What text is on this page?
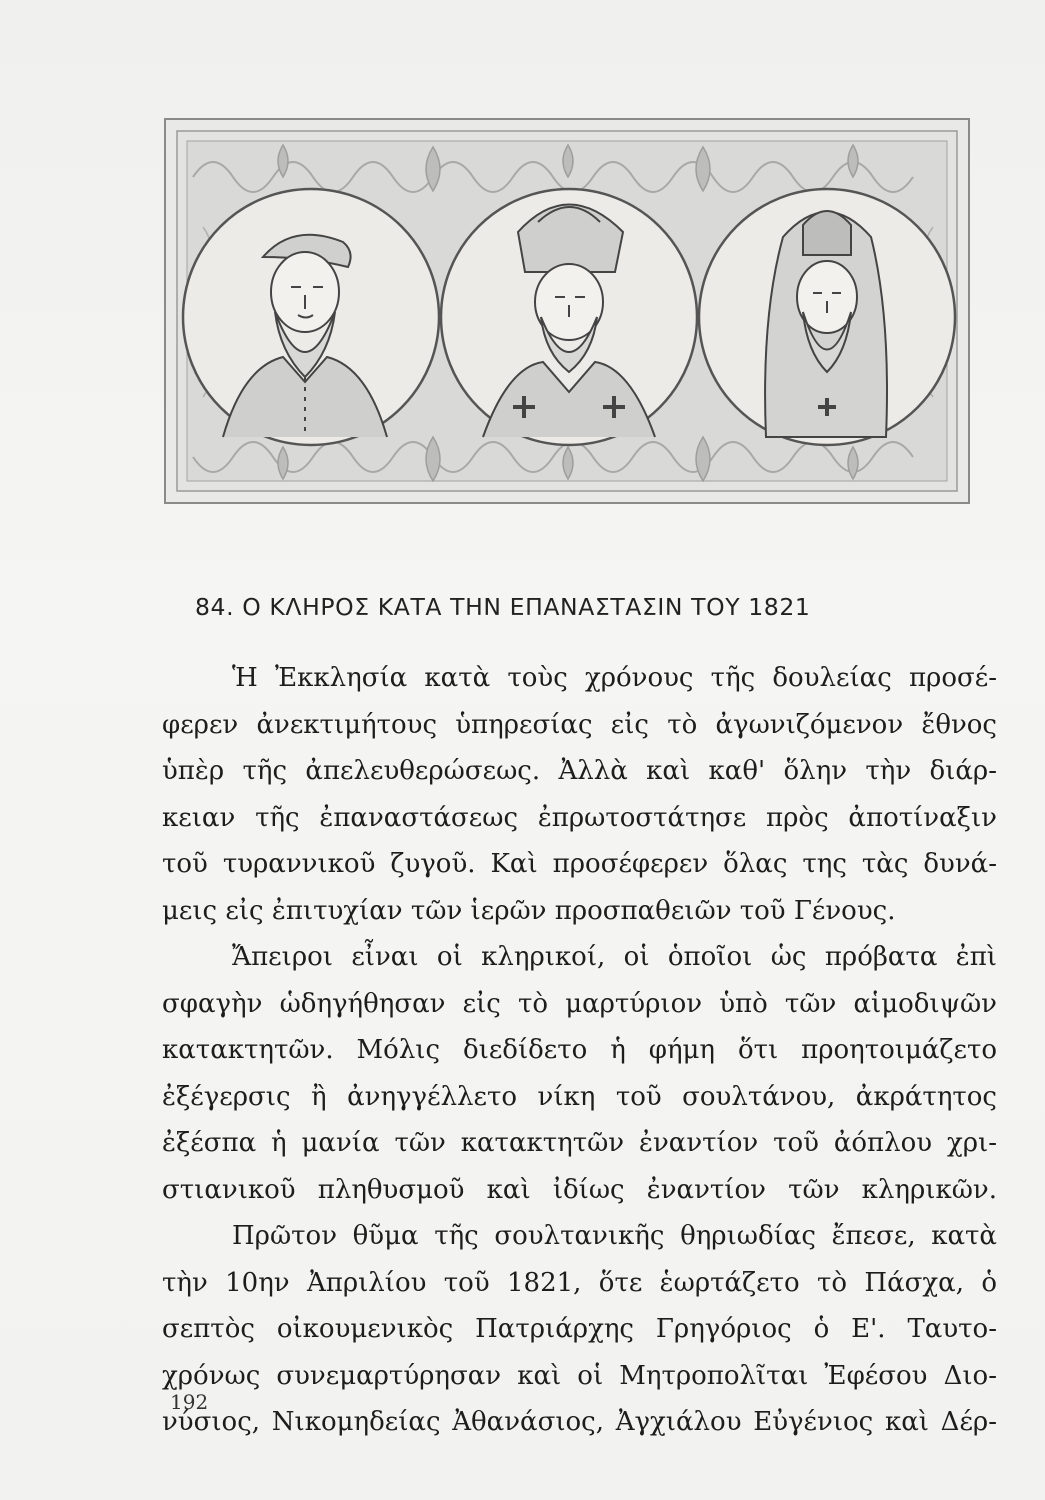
84. Ο ΚΛΗΡΟΣ ΚΑΤΑ ΤΗΝ ΕΠΑΝΑΣΤΑΣΙΝ ΤΟΥ 1821
Ἡ Ἐκκλησία κατὰ τοὺς χρόνους τῆς δουλείας προσέ-
φερεν ἀνεκτιμήτους ὑπηρεσίας εἰς τὸ ἀγωνιζόμενον ἔθνος
ὑπὲρ τῆς ἀπελευθερώσεως. Ἀλλὰ καὶ καθ' ὅλην τὴν διάρ-
κειαν τῆς ἐπαναστάσεως ἐπρωτοστάτησε πρὸς ἀποτίναξιν
τοῦ τυραννικοῦ ζυγοῦ. Καὶ προσέφερεν ὅλας της τὰς δυνά-
μεις εἰς ἐπιτυχίαν τῶν ἱερῶν προσπαθειῶν τοῦ Γένους.
Ἄπειροι εἶναι οἱ κληρικοί, οἱ ὁποῖοι ὡς πρόβατα ἐπὶ
σφαγὴν ὡδηγήθησαν εἰς τὸ μαρτύριον ὑπὸ τῶν αἱμοδιψῶν
κατακτητῶν. Μόλις διεδίδετο ἡ φήμη ὅτι προητοιμάζετο
ἐξέγερσις ἢ ἀνηγγέλλετο νίκη τοῦ σουλτάνου, ἀκράτητος
ἐξέσπα ἡ μανία τῶν κατακτητῶν ἐναντίον τοῦ ἀόπλου χρι-
στιανικοῦ πληθυσμοῦ καὶ ἰδίως ἐναντίον τῶν κληρικῶν.
Πρῶτον θῦμα τῆς σουλτανικῆς θηριωδίας ἔπεσε, κατὰ
τὴν 10ην Ἀπριλίου τοῦ 1821, ὅτε ἑωρτάζετο τὸ Πάσχα, ὁ
σεπτὸς οἰκουμενικὸς Πατριάρχης Γρηγόριος ὁ Ε'. Ταυτο-
χρόνως συνεμαρτύρησαν καὶ οἱ Μητροπολῖται Ἐφέσου Διο-
νύσιος, Νικομηδείας Ἀθανάσιος, Ἀγχιάλου Εὐγένιος καὶ Δέρ-
192
